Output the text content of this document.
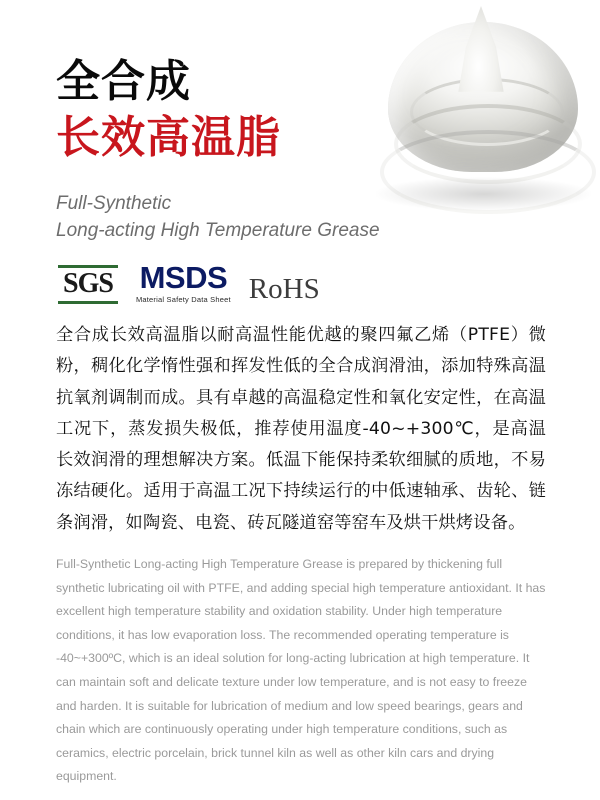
全合成
长效高温脂
Full-Synthetic
Long-acting High Temperature Grease
SGS MSDS
Material Safety Data Sheet RoHS
全合成长效高温脂以耐高温性能优越的聚四氟乙烯（PTFE）微粉，稠化化学惰性强和挥发性低的全合成润滑油，添加特殊高温抗氧剂调制而成。具有卓越的高温稳定性和氧化安定性，在高温工况下，蒸发损失极低，推荐使用温度-40~+300℃，是高温长效润滑的理想解决方案。低温下能保持柔软细腻的质地，不易冻结硬化。适用于高温工况下持续运行的中低速轴承、齿轮、链条润滑，如陶瓷、电瓷、砖瓦隧道窑等窑车及烘干烘烤设备。
Full-Synthetic Long-acting High Temperature Grease is prepared by thickening full synthetic lubricating oil with PTFE, and adding special high temperature antioxidant. It has excellent high temperature stability and oxidation stability. Under high temperature conditions, it has low evaporation loss. The recommended operating temperature is -40~+300ºC, which is an ideal solution for long-acting lubrication at high temperature. It can maintain soft and delicate texture under low temperature, and is not easy to freeze and harden. It is suitable for lubrication of medium and low speed bearings, gears and chain which are continuously operating under high temperature conditions, such as ceramics, electric porcelain, brick tunnel kiln as well as other kiln cars and drying equipment.
